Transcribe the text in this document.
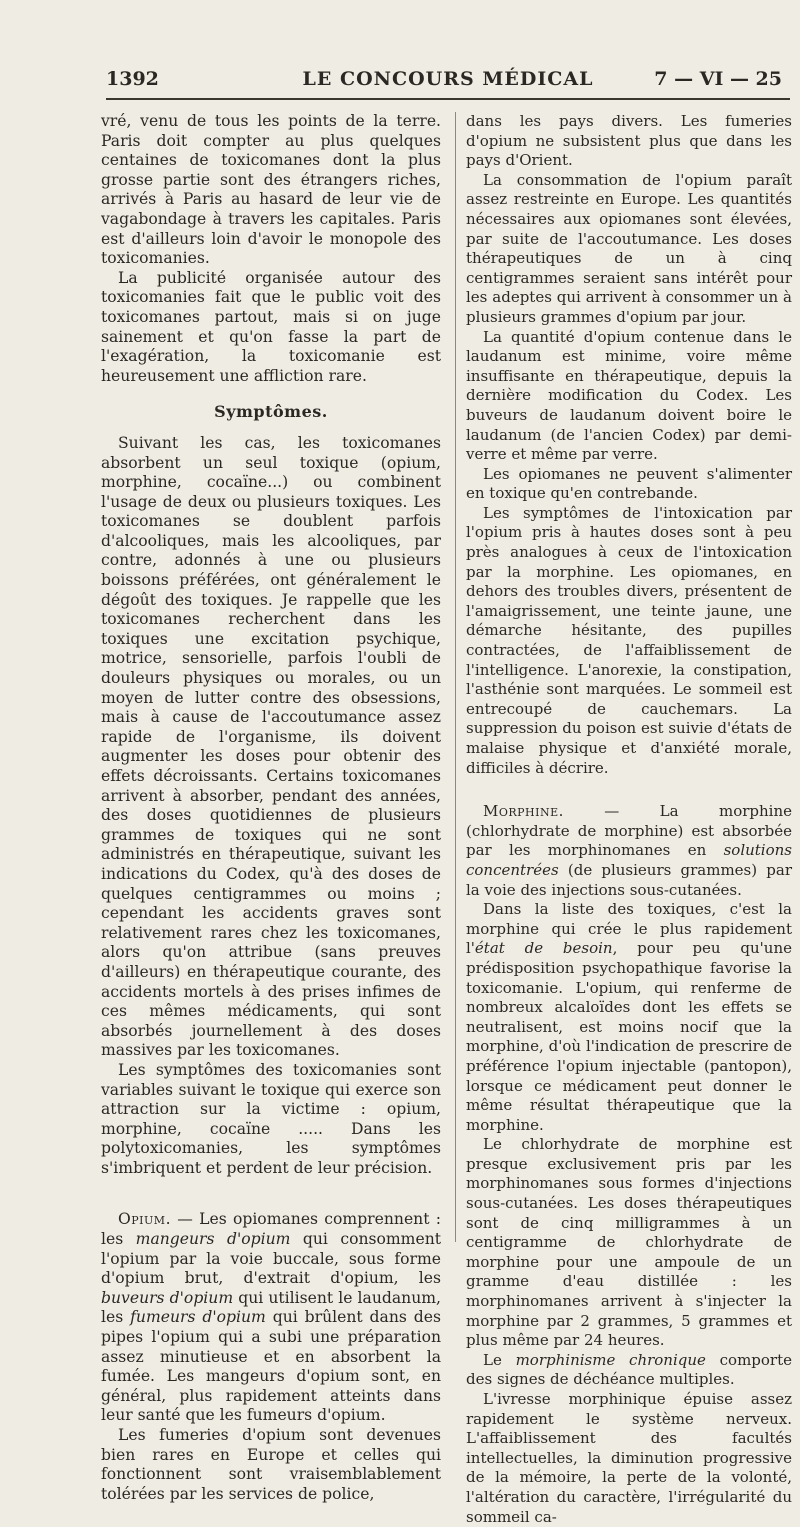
1392	LE CONCOURS MÉDICAL	7 — VI — 25

vré, venu de tous les points de la terre. Paris doit compter au plus quelques centaines de toxicomanes dont la plus grosse partie sont des étrangers riches, arrivés à Paris au hasard de leur vie de vagabondage à travers les capitales. Paris est d'ailleurs loin d'avoir le monopole des toxicomanies.

La publicité organisée autour des toxicomanies fait que le public voit des toxicomanes partout, mais si on juge sainement et qu'on fasse la part de l'exagération, la toxicomanie est heureusement une affliction rare.

Symptômes.

Suivant les cas, les toxicomanes absorbent un seul toxique (opium, morphine, cocaïne...) ou combinent l'usage de deux ou plusieurs toxiques. Les toxicomanes se doublent parfois d'alcooliques, mais les alcooliques, par contre, adonnés à une ou plusieurs boissons préférées, ont généralement le dégoût des toxiques. Je rappelle que les toxicomanes recherchent dans les toxiques une excitation psychique, motrice, sensorielle, parfois l'oubli de douleurs physiques ou morales, ou un moyen de lutter contre des obsessions, mais à cause de l'accoutumance assez rapide de l'organisme, ils doivent augmenter les doses pour obtenir des effets décroissants. Certains toxicomanes arrivent à absorber, pendant des années, des doses quotidiennes de plusieurs grammes de toxiques qui ne sont administrés en thérapeutique, suivant les indications du Codex, qu'à des doses de quelques centigrammes ou moins ; cependant les accidents graves sont relativement rares chez les toxicomanes, alors qu'on attribue (sans preuves d'ailleurs) en thérapeutique courante, des accidents mortels à des prises infimes de ces mêmes médicaments, qui sont absorbés journellement à des doses massives par les toxicomanes.

Les symptômes des toxicomanies sont variables suivant le toxique qui exerce son attraction sur la victime : opium, morphine, cocaïne ..... Dans les polytoxicomanies, les symptômes s'imbriquent et perdent de leur précision.

Opium. — Les opiomanes comprennent : les mangeurs d'opium qui consomment l'opium par la voie buccale, sous forme d'opium brut, d'extrait d'opium, les buveurs d'opium qui utilisent le laudanum, les fumeurs d'opium qui brûlent dans des pipes l'opium qui a subi une préparation assez minutieuse et en absorbent la fumée. Les mangeurs d'opium sont, en général, plus rapidement atteints dans leur santé que les fumeurs d'opium.

Les fumeries d'opium sont devenues bien rares en Europe et celles qui fonctionnent sont vraisemblablement tolérées par les services de police,

dans les pays divers. Les fumeries d'opium ne subsistent plus que dans les pays d'Orient.

La consommation de l'opium paraît assez restreinte en Europe. Les quantités nécessaires aux opiomanes sont élevées, par suite de l'accoutumance. Les doses thérapeutiques de un à cinq centigrammes seraient sans intérêt pour les adeptes qui arrivent à consommer un à plusieurs grammes d'opium par jour.

La quantité d'opium contenue dans le laudanum est minime, voire même insuffisante en thérapeutique, depuis la dernière modification du Codex. Les buveurs de laudanum doivent boire le laudanum (de l'ancien Codex) par demi-verre et même par verre.

Les opiomanes ne peuvent s'alimenter en toxique qu'en contrebande.

Les symptômes de l'intoxication par l'opium pris à hautes doses sont à peu près analogues à ceux de l'intoxication par la morphine. Les opiomanes, en dehors des troubles divers, présentent de l'amaigrissement, une teinte jaune, une démarche hésitante, des pupilles contractées, de l'affaiblissement de l'intelligence. L'anorexie, la constipation, l'asthénie sont marquées. Le sommeil est entrecoupé de cauchemars. La suppression du poison est suivie d'états de malaise physique et d'anxiété morale, difficiles à décrire.

Morphine. — La morphine (chlorhydrate de morphine) est absorbée par les morphinomanes en solutions concentrées (de plusieurs grammes) par la voie des injections sous-cutanées.

Dans la liste des toxiques, c'est la morphine qui crée le plus rapidement l'état de besoin, pour peu qu'une prédisposition psychopathique favorise la toxicomanie. L'opium, qui renferme de nombreux alcaloïdes dont les effets se neutralisent, est moins nocif que la morphine, d'où l'indication de prescrire de préférence l'opium injectable (pantopon), lorsque ce médicament peut donner le même résultat thérapeutique que la morphine.

Le chlorhydrate de morphine est presque exclusivement pris par les morphinomanes sous formes d'injections sous-cutanées. Les doses thérapeutiques sont de cinq milligrammes à un centigramme de chlorhydrate de morphine pour une ampoule de un gramme d'eau distillée : les morphinomanes arrivent à s'injecter la morphine par 2 grammes, 5 grammes et plus même par 24 heures.

Le morphinisme chronique comporte des signes de déchéance multiples.

L'ivresse morphinique épuise assez rapidement le système nerveux. L'affaiblissement des facultés intellectuelles, la diminution progressive de la mémoire, la perte de la volonté, l'altération du caractère, l'irrégularité du sommeil ca-
